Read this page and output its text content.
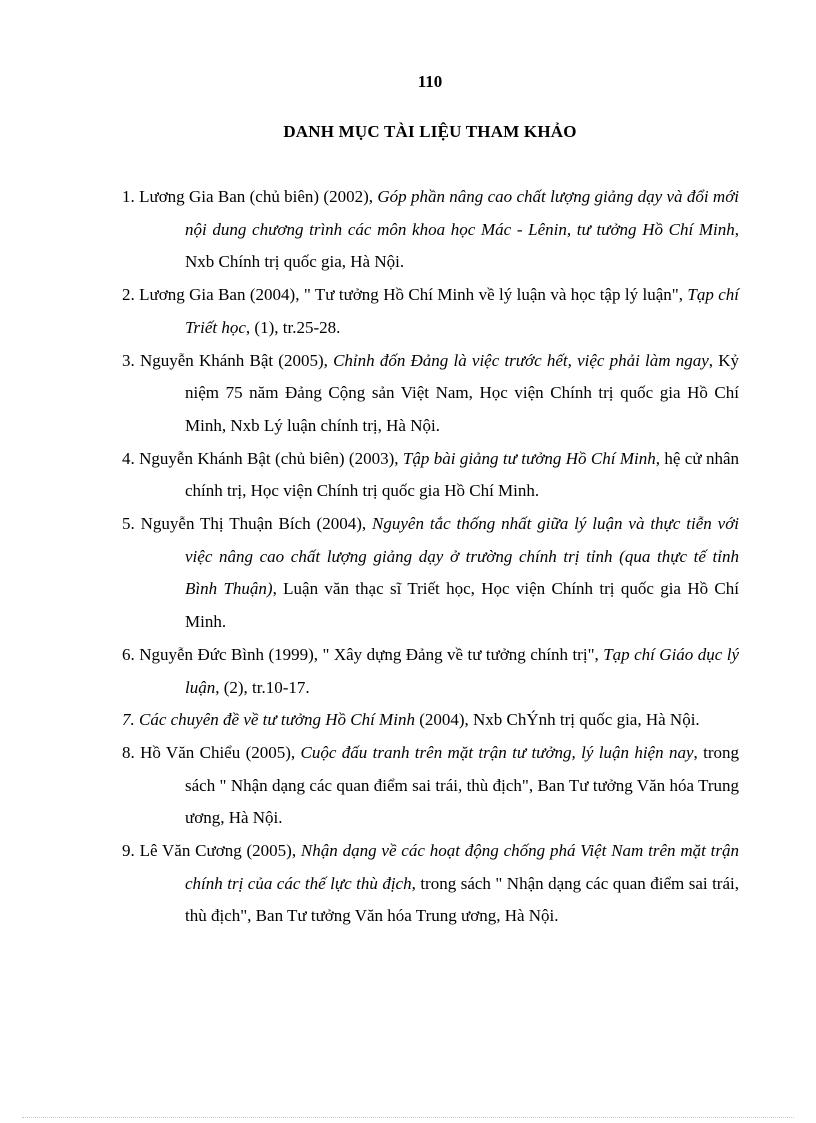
110
DANH MỤC TÀI LIỆU THAM KHẢO
1. Lương Gia Ban (chủ biên) (2002), Góp phần nâng cao chất lượng giảng dạy và đổi mới nội dung chương trình các môn khoa học Mác - Lênin, tư tưởng Hồ Chí Minh, Nxb Chính trị quốc gia, Hà Nội.
2. Lương Gia Ban (2004), " Tư tưởng Hồ Chí Minh về lý luận và học tập lý luận", Tạp chí Triết học, (1), tr.25-28.
3. Nguyễn Khánh Bật (2005), Chỉnh đốn Đảng là việc trước hết, việc phải làm ngay, Kỷ niệm 75 năm Đảng Cộng sản Việt Nam, Học viện Chính trị quốc gia Hồ Chí Minh, Nxb Lý luận chính trị, Hà Nội.
4. Nguyễn Khánh Bật (chủ biên) (2003), Tập bài giảng tư tưởng Hồ Chí Minh, hệ cử nhân chính trị, Học viện Chính trị quốc gia Hồ Chí Minh.
5. Nguyễn Thị Thuận Bích (2004), Nguyên tắc thống nhất giữa lý luận và thực tiễn với việc nâng cao chất lượng giảng dạy ở trường chính trị tỉnh (qua thực tế tỉnh Bình Thuận), Luận văn thạc sĩ Triết học, Học viện Chính trị quốc gia Hồ Chí Minh.
6. Nguyễn Đức Bình (1999), " Xây dựng Đảng về tư tưởng chính trị", Tạp chí Giáo dục lý luận, (2), tr.10-17.
7. Các chuyên đề về tư tưởng Hồ Chí Minh (2004), Nxb ChÝnh trị quốc gia, Hà Nội.
8. Hồ Văn Chiểu (2005), Cuộc đấu tranh trên mặt trận tư tưởng, lý luận hiện nay, trong sách " Nhận dạng các quan điểm sai trái, thù địch", Ban Tư tưởng Văn hóa Trung ương, Hà Nội.
9. Lê Văn Cương (2005), Nhận dạng về các hoạt động chống phá Việt Nam trên mặt trận chính trị của các thế lực thù địch, trong sách " Nhận dạng các quan điểm sai trái, thù địch", Ban Tư tưởng Văn hóa Trung ương, Hà Nội.
